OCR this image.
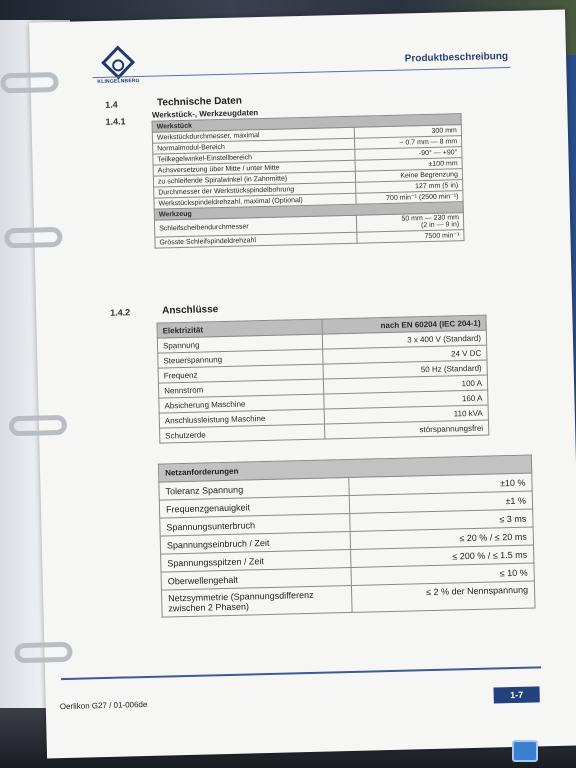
KLINGELNBERG
Produktbeschreibung
1.4	Technische Daten
1.4.1
Werkstück-, Werkzeugdaten	
Werkstück	
Werkstückdurchmesser, maximal	300 mm
Normalmodul-Bereich	~ 0.7 mm — 8 mm
Teilkegelwinkel-Einstellbereich	-90° — +90°
Achsversetzung über Mitte / unter Mitte	±100 mm
zu schleifende Spiralwinkel (in Zahnmitte)	Keine Begrenzung
Durchmesser der Werkstückspindelbohrung	127 mm (5 in)
Werkstückspindeldrehzahl, maximal (Optional)	700 min⁻¹ (2500 min⁻¹)
Werkzeug	
Schleifscheibendurchmesser	50 mm — 230 mm
(2 in — 9 in)

Grösste Schleifspindeldrehzahl	7500 min⁻¹
1.4.2	Anschlüsse
Elektrizität	nach EN 60204 (IEC 204-1)
Spannung	3 x 400 V (Standard)
Steuerspannung	24 V DC
Frequenz	50 Hz (Standard)
Nennstrom	100 A
Absicherung Maschine	160 A
Anschlussleistung Maschine	110 kVA
Schutzerde	störspannungsfrei
Netzanforderungen	
Toleranz Spannung	±10 %
Frequenzgenauigkeit	±1 %
Spannungsunterbruch	≤ 3 ms
Spannungseinbruch / Zeit	≤ 20 % / ≤ 20 ms
Spannungsspitzen / Zeit	≤ 200 % / ≤ 1.5 ms
Oberwellengehalt	≤ 10 %
Netzsymmetrie (Spannungsdifferenz zwischen 2 Phasen)	≤ 2 % der Nennspannung
Oerlikon G27 / 01-006de
1-7
